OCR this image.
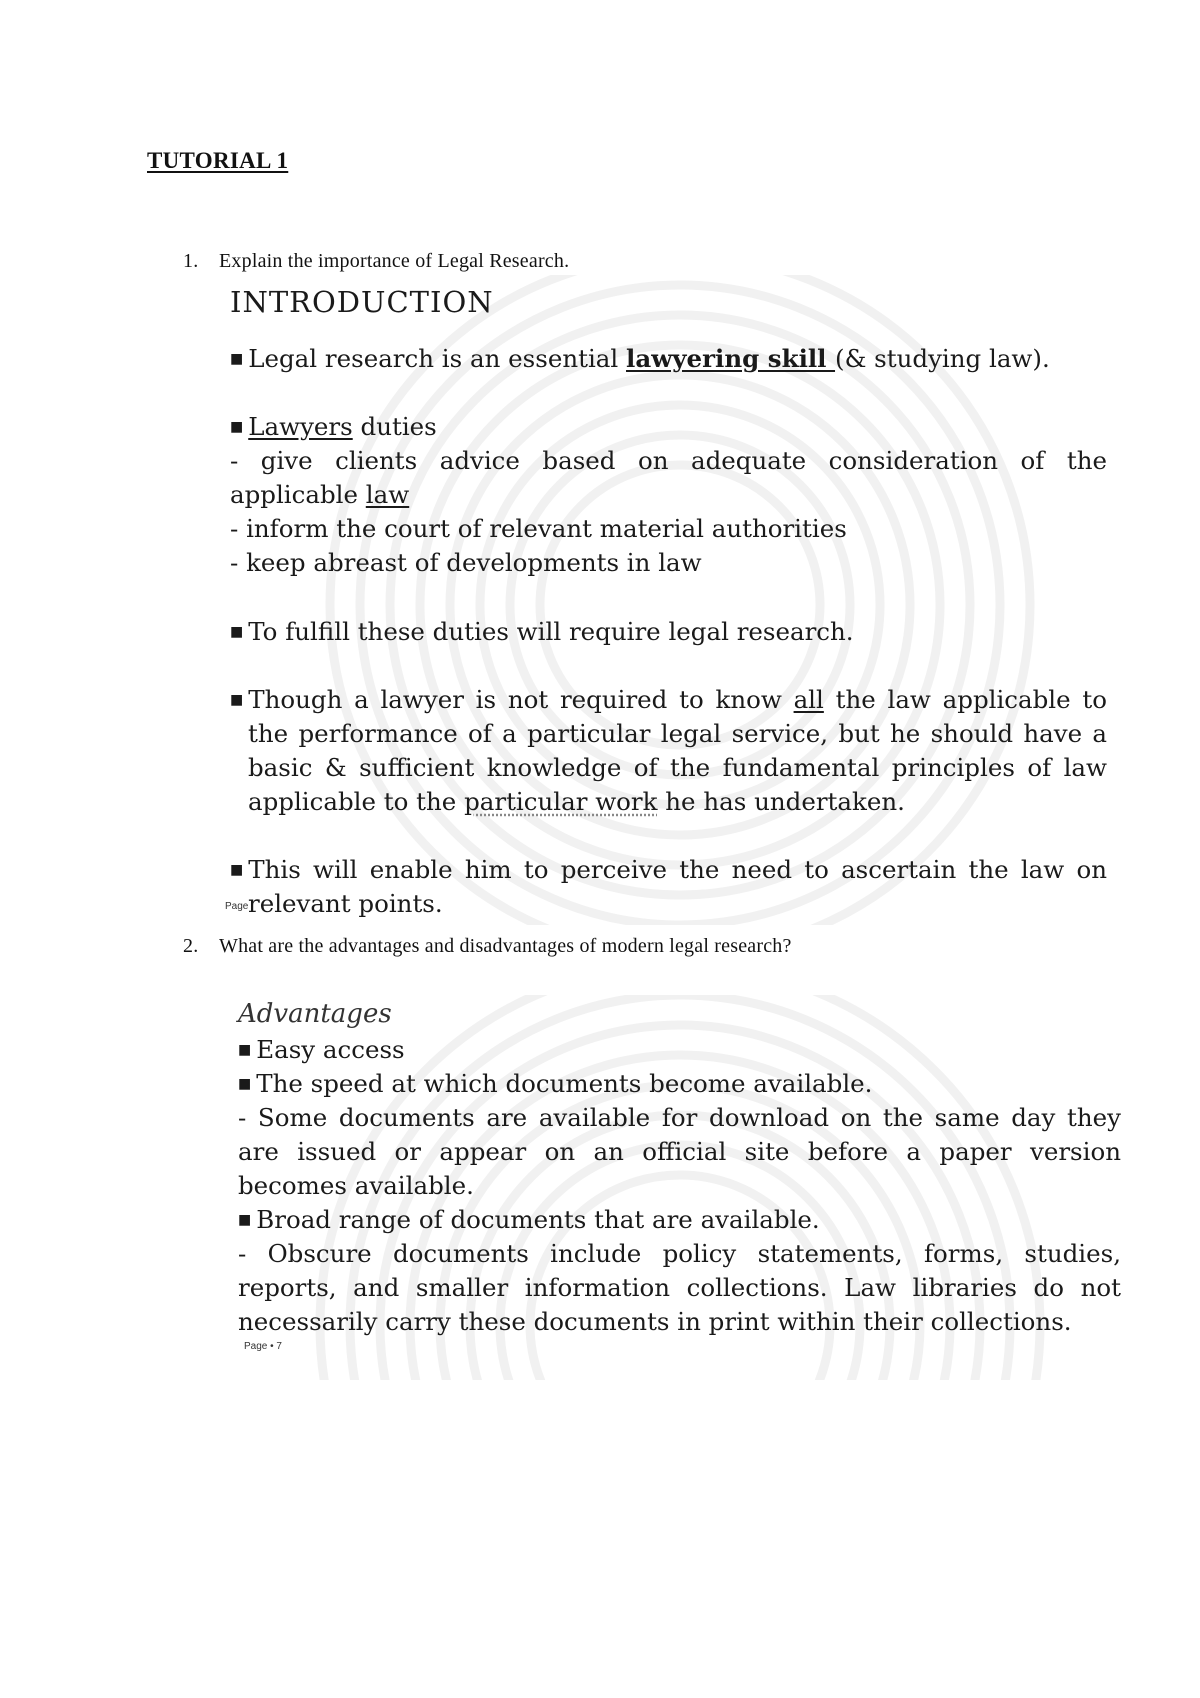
TUTORIAL 1
1. Explain the importance of Legal Research.
INTRODUCTION
■ Legal research is an essential lawyering skill (& studying law).
■ Lawyers duties
- give clients advice based on adequate consideration of the
applicable law
- inform the court of relevant material authorities
- keep abreast of developments in law
■ To fulfill these duties will require legal research.
■ Though a lawyer is not required to know all the law applicable to
the performance of a particular legal service, but he should have a
basic & sufficient knowledge of the fundamental principles of law
applicable to the particular work he has undertaken.
■ This will enable him to perceive the need to ascertain the law on
relevant points.
Page
2. What are the advantages and disadvantages of modern legal research?
Advantages
■ Easy access
■ The speed at which documents become available.
- Some documents are available for download on the same day they
are issued or appear on an official site before a paper version
becomes available.
■ Broad range of documents that are available.
- Obscure documents include policy statements, forms, studies,
reports, and smaller information collections. Law libraries do not
necessarily carry these documents in print within their collections.
Page • 7
